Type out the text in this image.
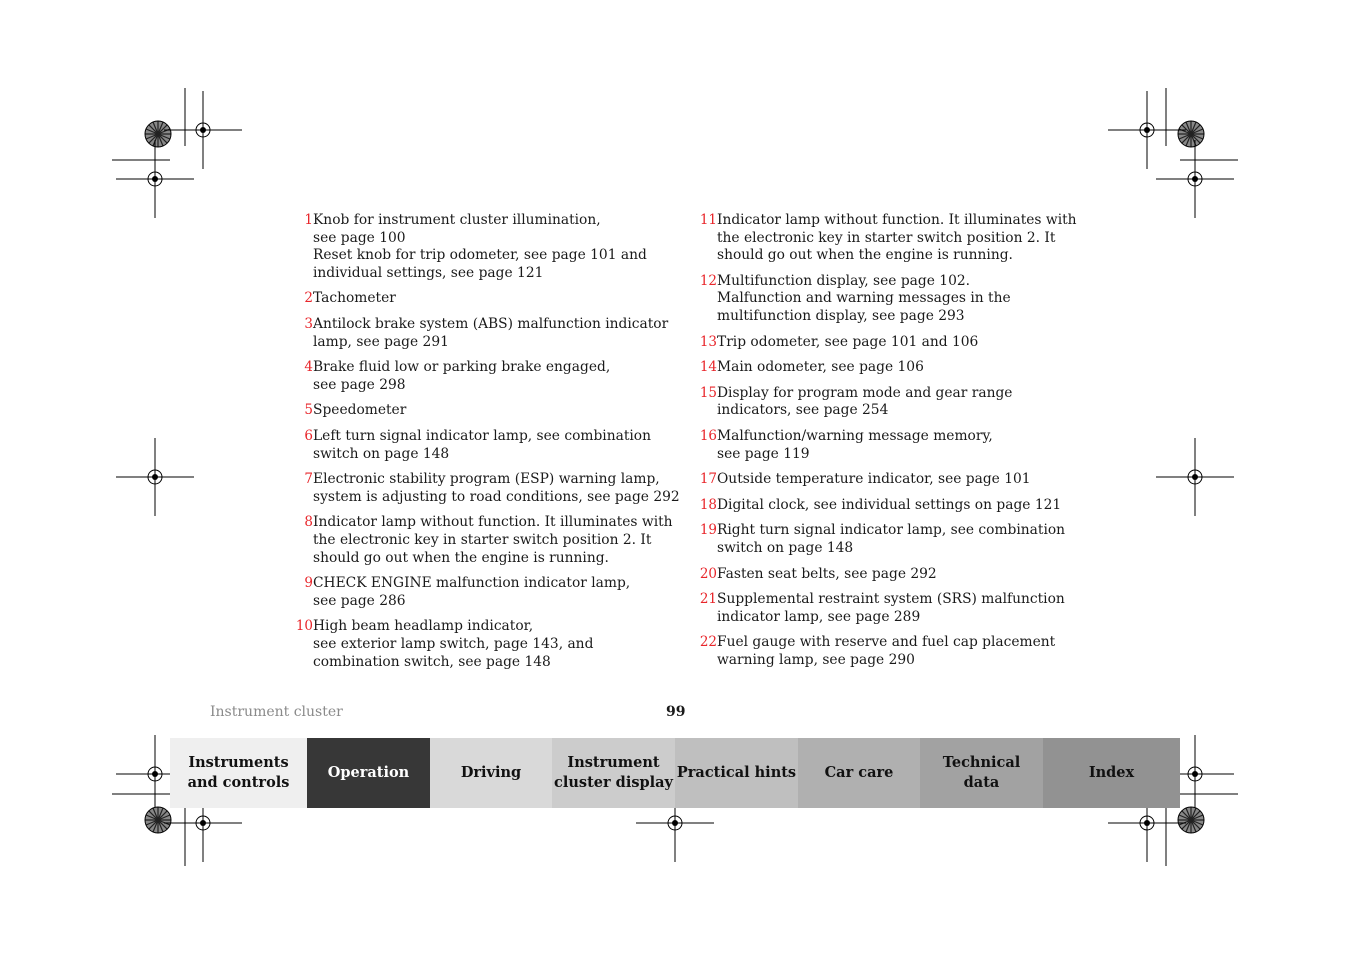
1 Knob for instrument cluster illumination,
see page 100
Reset knob for trip odometer, see page 101 and
individual settings, see page 121
2 Tachometer
3 Antilock brake system (ABS) malfunction indicator
lamp, see page 291
4 Brake fluid low or parking brake engaged,
see page 298
5 Speedometer
6 Left turn signal indicator lamp, see combination
switch on page 148
7 Electronic stability program (ESP) warning lamp,
system is adjusting to road conditions, see page 292
8 Indicator lamp without function. It illuminates with
the electronic key in starter switch position 2. It
should go out when the engine is running.
9 CHECK ENGINE malfunction indicator lamp,
see page 286
10 High beam headlamp indicator,
see exterior lamp switch, page 143, and
combination switch, see page 148
11 Indicator lamp without function. It illuminates with
the electronic key in starter switch position 2. It
should go out when the engine is running.
12 Multifunction display, see page 102.
Malfunction and warning messages in the
multifunction display, see page 293
13 Trip odometer, see page 101 and 106
14 Main odometer, see page 106
15 Display for program mode and gear range
indicators, see page 254
16 Malfunction/warning message memory,
see page 119
17 Outside temperature indicator, see page 101
18 Digital clock, see individual settings on page 121
19 Right turn signal indicator lamp, see combination
switch on page 148
20 Fasten seat belts, see page 292
21 Supplemental restraint system (SRS) malfunction
indicator lamp, see page 289
22 Fuel gauge with reserve and fuel cap placement
warning lamp, see page 290
Instrument cluster	99
Instruments
and controls
Operation	Driving
Instrument
cluster display
Practical hints Car care
Technical
data
Index
